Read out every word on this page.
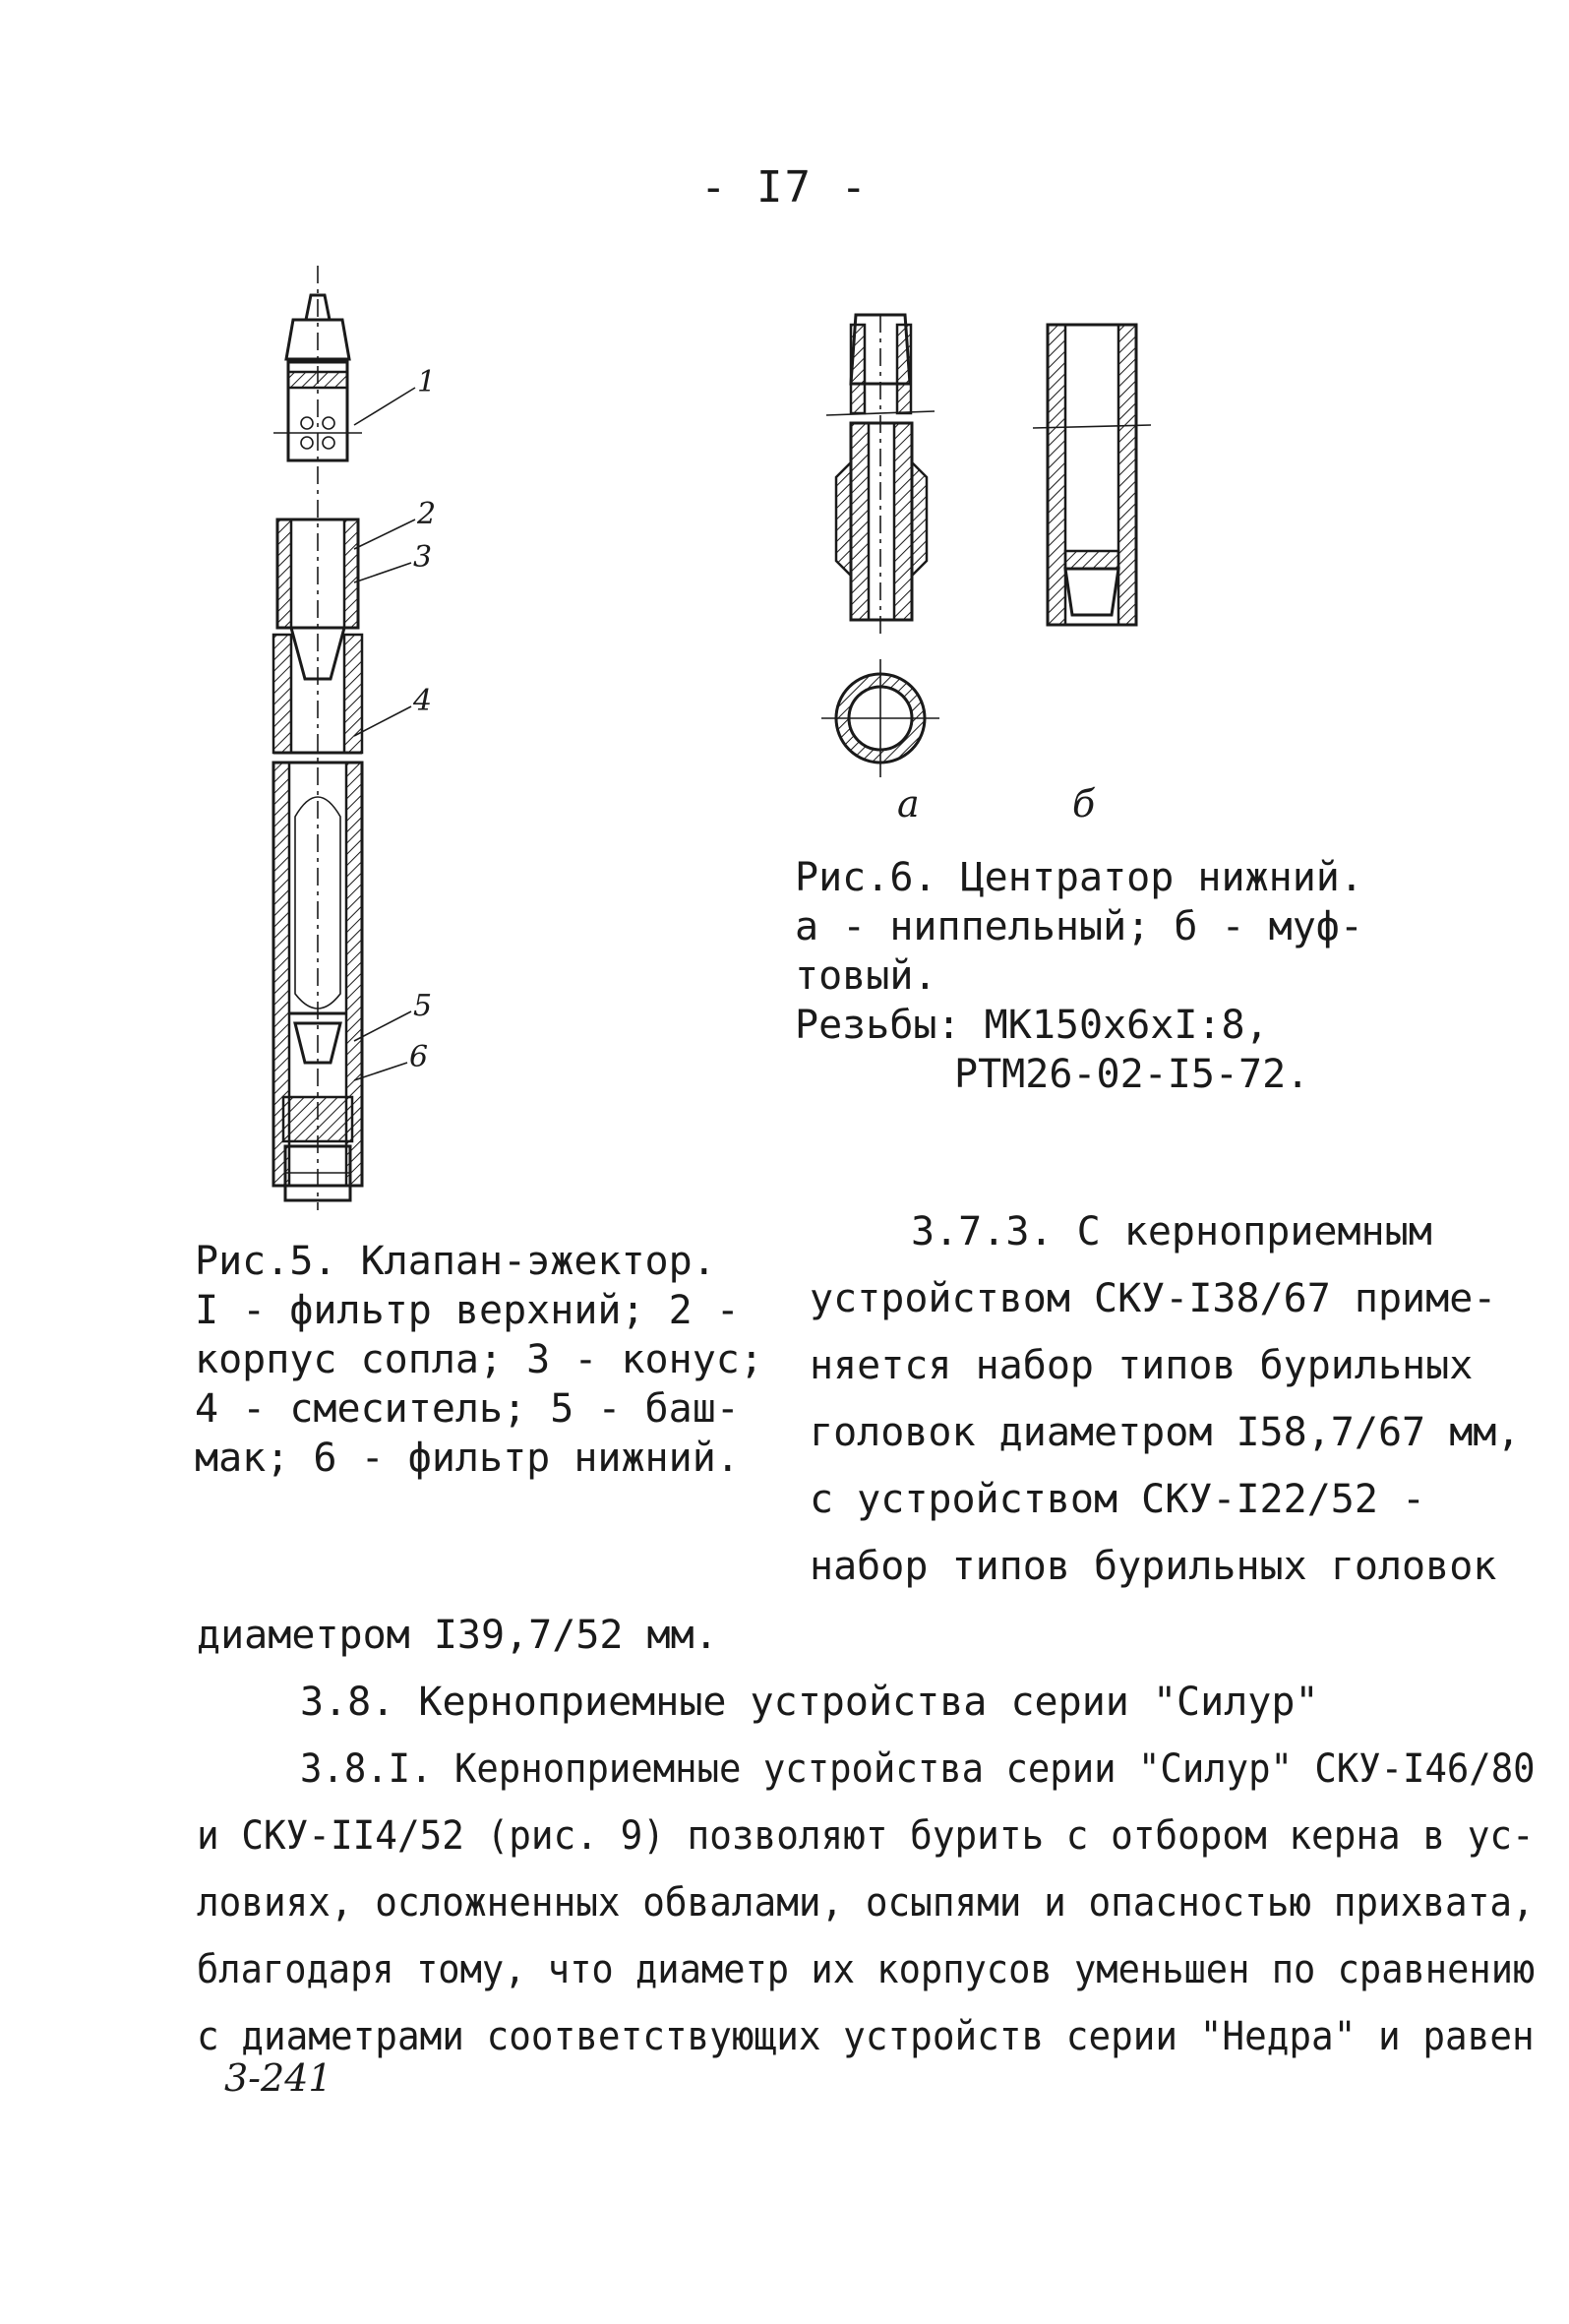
- I7 -
1
2
3
4
5
6
а	б
Рис.6. Центратор нижний.
а - ниппельный; б - муф-
товый.
Резьбы: МК150х6хI:8,
РТМ26-02-I5-72.
Рис.5. Клапан-эжектор.
I - фильтр верхний; 2 -
корпус сопла; 3 - конус;
4 - смеситель; 5 - баш-
мак; 6 - фильтр нижний.
3.7.3. С керноприемным
устройством СКУ-I38/67 приме-
няется набор типов бурильных
головок диаметром I58,7/67 мм,
с устройством СКУ-I22/52 -
набор типов бурильных головок
диаметром I39,7/52 мм.
3.8. Керноприемные устройства серии "Силур"
3.8.I. Керноприемные устройства серии "Силур" СКУ-I46/80
и СКУ-II4/52 (рис. 9) позволяют бурить с отбором керна в ус-
ловиях, осложненных обвалами, осыпями и опасностью прихвата,
благодаря тому, что диаметр их корпусов уменьшен по сравнению
с диаметрами соответствующих устройств серии "Недра" и равен
3-241
